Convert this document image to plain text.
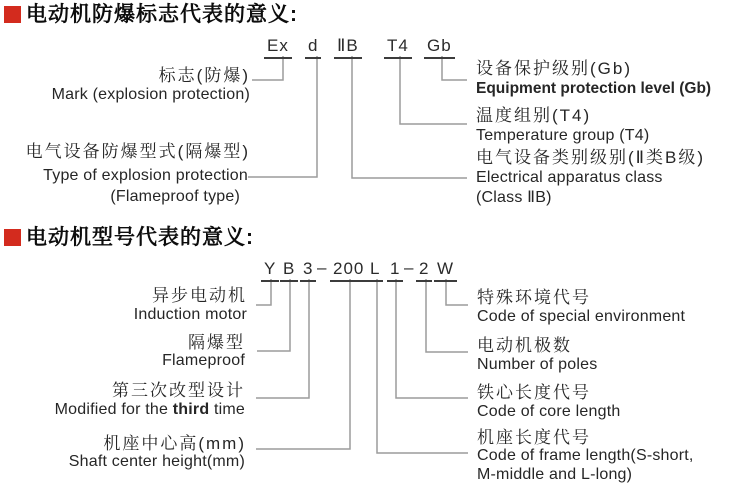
电动机防爆标志代表的意义:
Ex d ⅡB T4 Gb
标志(防爆)
Mark (explosion protection)
电气设备防爆型式(隔爆型)
Type of explosion protection
(Flameproof type)
设备保护级别(Gb)
Equipment protection level (Gb)
温度组别(T4)
Temperature group (T4)
电气设备类别级别(Ⅱ类B级)
Electrical apparatus class
(Class ⅡB)
电动机型号代表的意义:
Y B 3 – 200 L 1 – 2 W
异步电动机
Induction motor
隔爆型
Flameproof
第三次改型设计
Modified for the third time
机座中心高(mm)
Shaft center height(mm)
特殊环境代号
Code of special environment
电动机极数
Number of poles
铁心长度代号
Code of core length
机座长度代号
Code of frame length(S-short,
M-middle and L-long)
